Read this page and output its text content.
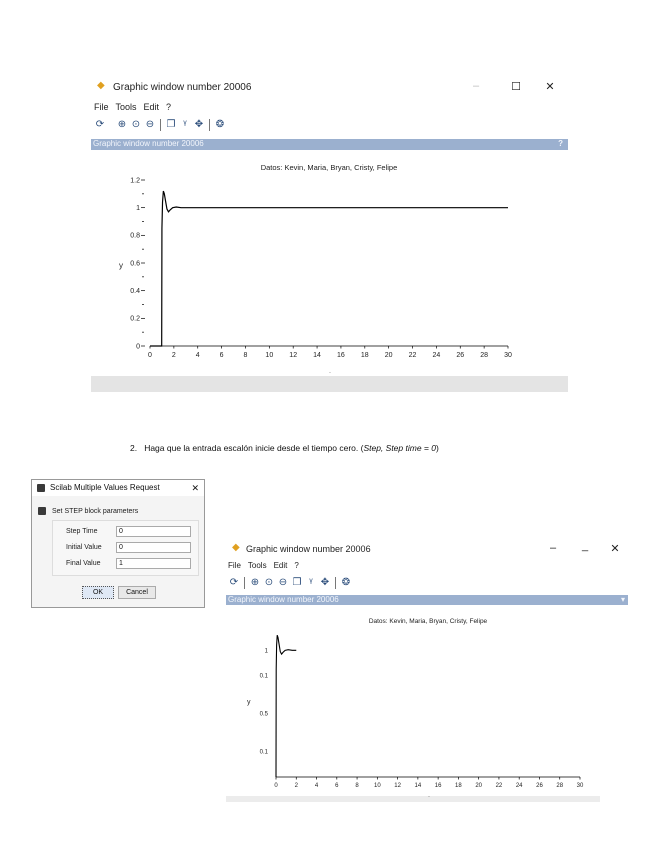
◆ Graphic window number 20006	–	☐ ✕
File Tools Edit ?
⟳ ⊕ ⊙ ⊖ ❐ ᵞ ✥ ❂
Graphic window number 20006	?
Datos: Kevin, Maria, Bryan, Cristy, Felipe
y
0	2	4	6	8	10 12 14 16 18 20 22 24 26 28 30
0
0.2
0.4
0.6
0.8
1
1.2
·
2. Haga que la entrada escalón inicie desde el tiempo cero. (Step, Step time = 0)
Scilab Multiple Values Request	✕
Set STEP block parameters
Step Time	0
Initial Value	0
Final Value	1
OK	Cancel
◆ Graphic window number 20006	–	_	✕
File Tools Edit ?
⟳ ⊕ ⊙ ⊖ ❐ ᵞ ✥ ❂
Graphic window number 20006	▾
Datos: Kevin, Maria, Bryan, Cristy, Felipe
y
0	2	4	6	8	10 12 14 16 18 20 22 24 26 28 30
0.1
0.5
0.1
1
·
